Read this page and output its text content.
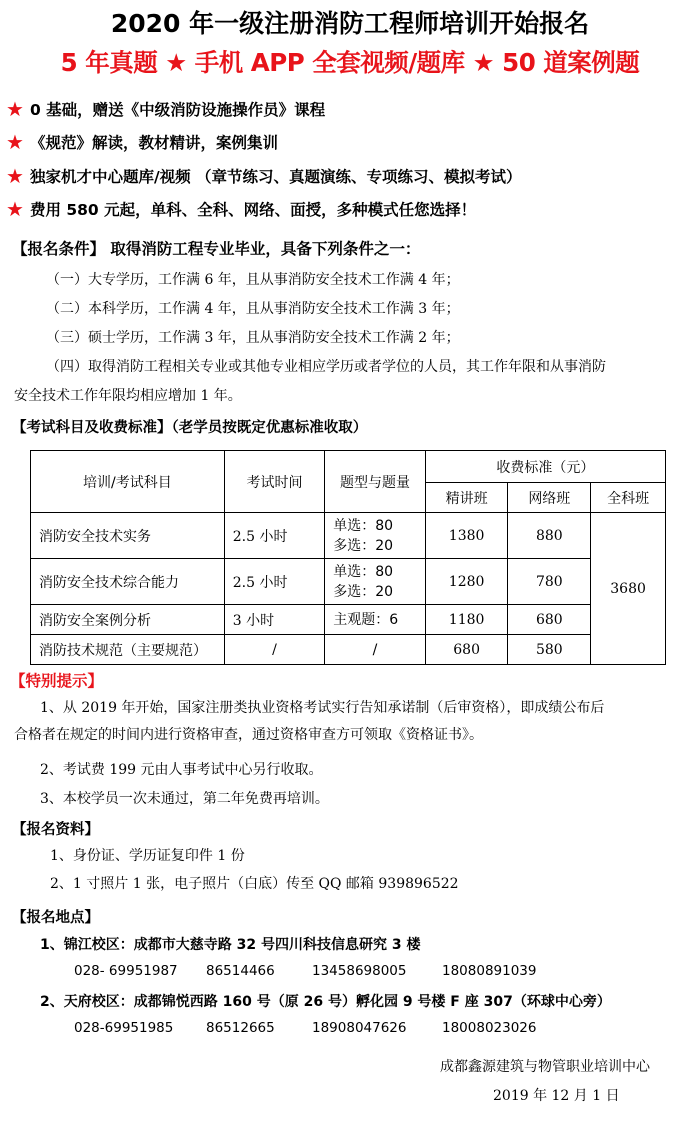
2020 年一级注册消防工程师培训开始报名
5 年真题 ★ 手机 APP 全套视频/题库 ★ 50 道案例题
★ 0 基础，赠送《中级消防设施操作员》课程
★ 《规范》解读，教材精讲，案例集训
★ 独家机才中心题库/视频 （章节练习、真题演练、专项练习、模拟考试）
★ 费用 580 元起，单科、全科、网络、面授，多种模式任您选择！
【报名条件】 取得消防工程专业毕业，具备下列条件之一：
（一）大专学历，工作满 6 年，且从事消防安全技术工作满 4 年；
（二）本科学历，工作满 4 年，且从事消防安全技术工作满 3 年；
（三）硕士学历，工作满 3 年，且从事消防安全技术工作满 2 年；
（四）取得消防工程相关专业或其他专业相应学历或者学位的人员，其工作年限和从事消防
安全技术工作年限均相应增加 1 年。
【考试科目及收费标准】（老学员按既定优惠标准收取）
培训/考试科目	考试时间	题型与题量	收费标准（元）		
			精讲班	网络班	全科班
消防安全技术实务	2.5 小时	单选：80
多选：20	1380	880	3680
消防安全技术综合能力	2.5 小时	单选：80
多选：20	1280	780	
消防安全案例分析	3 小时	主观题：6	1180	680	
消防技术规范（主要规范）	/	/	680	580	
【特别提示】
1、从 2019 年开始，国家注册类执业资格考试实行告知承诺制（后审资格），即成绩公布后
合格者在规定的时间内进行资格审查，通过资格审查方可领取《资格证书》。
2、考试费 199 元由人事考试中心另行收取。
3、本校学员一次未通过，第二年免费再培训。
【报名资料】
1、身份证、学历证复印件 1 份
2、1 寸照片 1 张，电子照片（白底）传至 QQ 邮箱 939896522
【报名地点】
1、锦江校区：成都市大慈寺路 32 号四川科技信息研究 3 楼
028- 69951987 86514466	13458698005	18080891039
2、天府校区：成都锦悦西路 160 号（原 26 号）孵化园 9 号楼 F 座 307（环球中心旁）
028-69951985 86512665	18908047626	18008023026
成都鑫源建筑与物管职业培训中心
2019 年 12 月 1 日
